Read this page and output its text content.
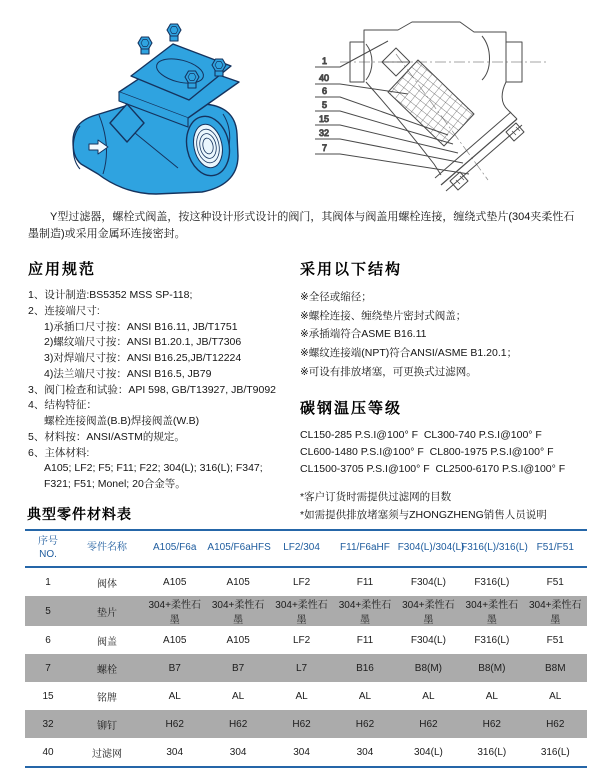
1
40
6
5
15
32
7

Y型过滤器，螺栓式阀盖，按这种设计形式设计的阀门，其阀体与阀盖用螺栓连接，缠绕式垫片(304夹柔性石墨制造)或采用金属环连接密封。

应用规范
1、设计制造:BS5352 MSS SP-118;
2、连接端尺寸:
1)承插口尺寸按：ANSI B16.11, JB/T1751
2)螺纹端尺寸按：ANSI B1.20.1, JB/T7306
3)对焊端尺寸按：ANSI B16.25,JB/T12224
4)法兰端尺寸按：ANSI B16.5, JB79
3、阀门检查和试验：API 598, GB/T13927, JB/T9092
4、结构特征：
螺栓连接阀盖(B.B)焊接阀盖(W.B)
5、材料按：ANSI/ASTM的规定。
6、主体材料:
A105; LF2; F5; F11; F22; 304(L); 316(L); F347;
F321; F51; Monel; 20合金等。
采用以下结构
※全径或缩径；
※螺栓连接、缠绕垫片密封式阀盖；
※承插端符合ASME B16.11
※螺纹连接端(NPT)符合ANSI/ASME B1.20.1；
※可设有排放堵塞，可更换式过滤网。
碳钢温压等级
CL150-285 P.S.I@100° F  CL300-740 P.S.I@100° F
CL600-1480 P.S.I@100° F  CL800-1975 P.S.I@100° F
CL1500-3705 P.S.I@100° F  CL2500-6170 P.S.I@100° F
*客户订货时需提供过滤网的目数
*如需提供排放堵塞须与ZHONGZHENG销售人员说明
典型零件材料表
序号
NO.	零件名称	A105/F6a	A105/F6aHFS	LF2/304	F11/F6aHF	F304(L)/304(L)	F316(L)/316(L)	F51/F51
1	阀体	A105	A105	LF2	F11	F304(L)	F316(L)	F51
5	垫片	304+柔性石墨	304+柔性石墨	304+柔性石墨	304+柔性石墨	304+柔性石墨	304+柔性石墨	304+柔性石墨
6	阀盖	A105	A105	LF2	F11	F304(L)	F316(L)	F51
7	螺栓	B7	B7	L7	B16	B8(M)	B8(M)	B8M
15	铭牌	AL	AL	AL	AL	AL	AL	AL
32	铆钉	H62	H62	H62	H62	H62	H62	H62
40	过滤网	304	304	304	304	304(L)	316(L)	316(L)
